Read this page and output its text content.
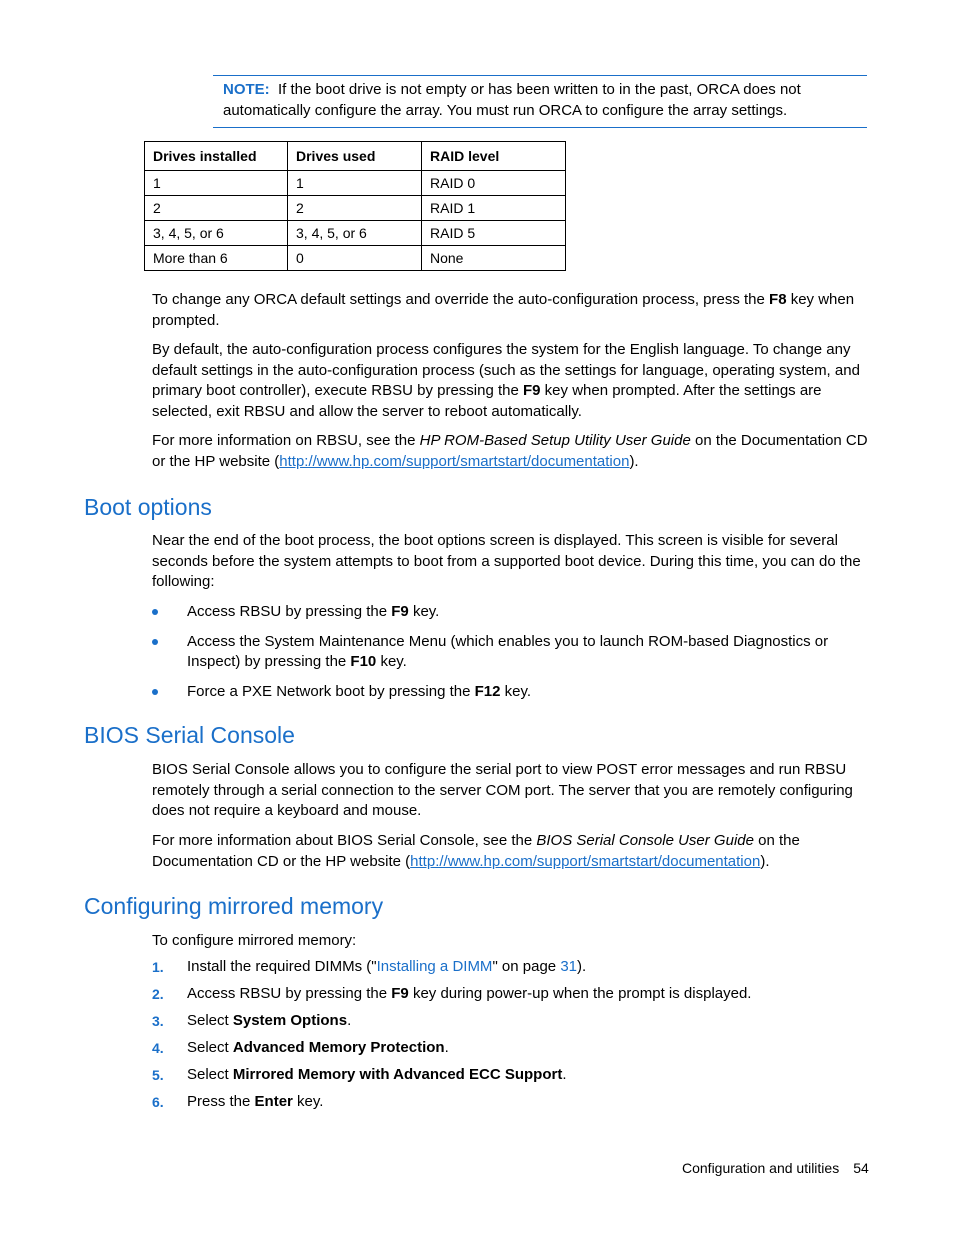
NOTE: If the boot drive is not empty or has been written to in the past, ORCA does not automatically configure the array. You must run ORCA to configure the array settings.
Drives installed	Drives used	RAID level
1	1	RAID 0
2	2	RAID 1
3, 4, 5, or 6	3, 4, 5, or 6	RAID 5
More than 6	0	None

To change any ORCA default settings and override the auto-configuration process, press the F8 key when prompted.

By default, the auto-configuration process configures the system for the English language. To change any default settings in the auto-configuration process (such as the settings for language, operating system, and primary boot controller), execute RBSU by pressing the F9 key when prompted. After the settings are selected, exit RBSU and allow the server to reboot automatically.

For more information on RBSU, see the HP ROM-Based Setup Utility User Guide on the Documentation CD or the HP website (http://www.hp.com/support/smartstart/documentation).

Boot options

Near the end of the boot process, the boot options screen is displayed. This screen is visible for several seconds before the system attempts to boot from a supported boot device. During this time, you can do the following:

Access RBSU by pressing the F9 key.
Access the System Maintenance Menu (which enables you to launch ROM-based Diagnostics or Inspect) by pressing the F10 key.
Force a PXE Network boot by pressing the F12 key.
BIOS Serial Console

BIOS Serial Console allows you to configure the serial port to view POST error messages and run RBSU remotely through a serial connection to the server COM port. The server that you are remotely configuring does not require a keyboard and mouse.

For more information about BIOS Serial Console, see the BIOS Serial Console User Guide on the Documentation CD or the HP website (http://www.hp.com/support/smartstart/documentation).

Configuring mirrored memory

To configure mirrored memory:

1. Install the required DIMMs ("Installing a DIMM" on page 31).
2. Access RBSU by pressing the F9 key during power-up when the prompt is displayed.
3. Select System Options.
4. Select Advanced Memory Protection.
5. Select Mirrored Memory with Advanced ECC Support.
6. Press the Enter key.
Configuration and utilities 54
